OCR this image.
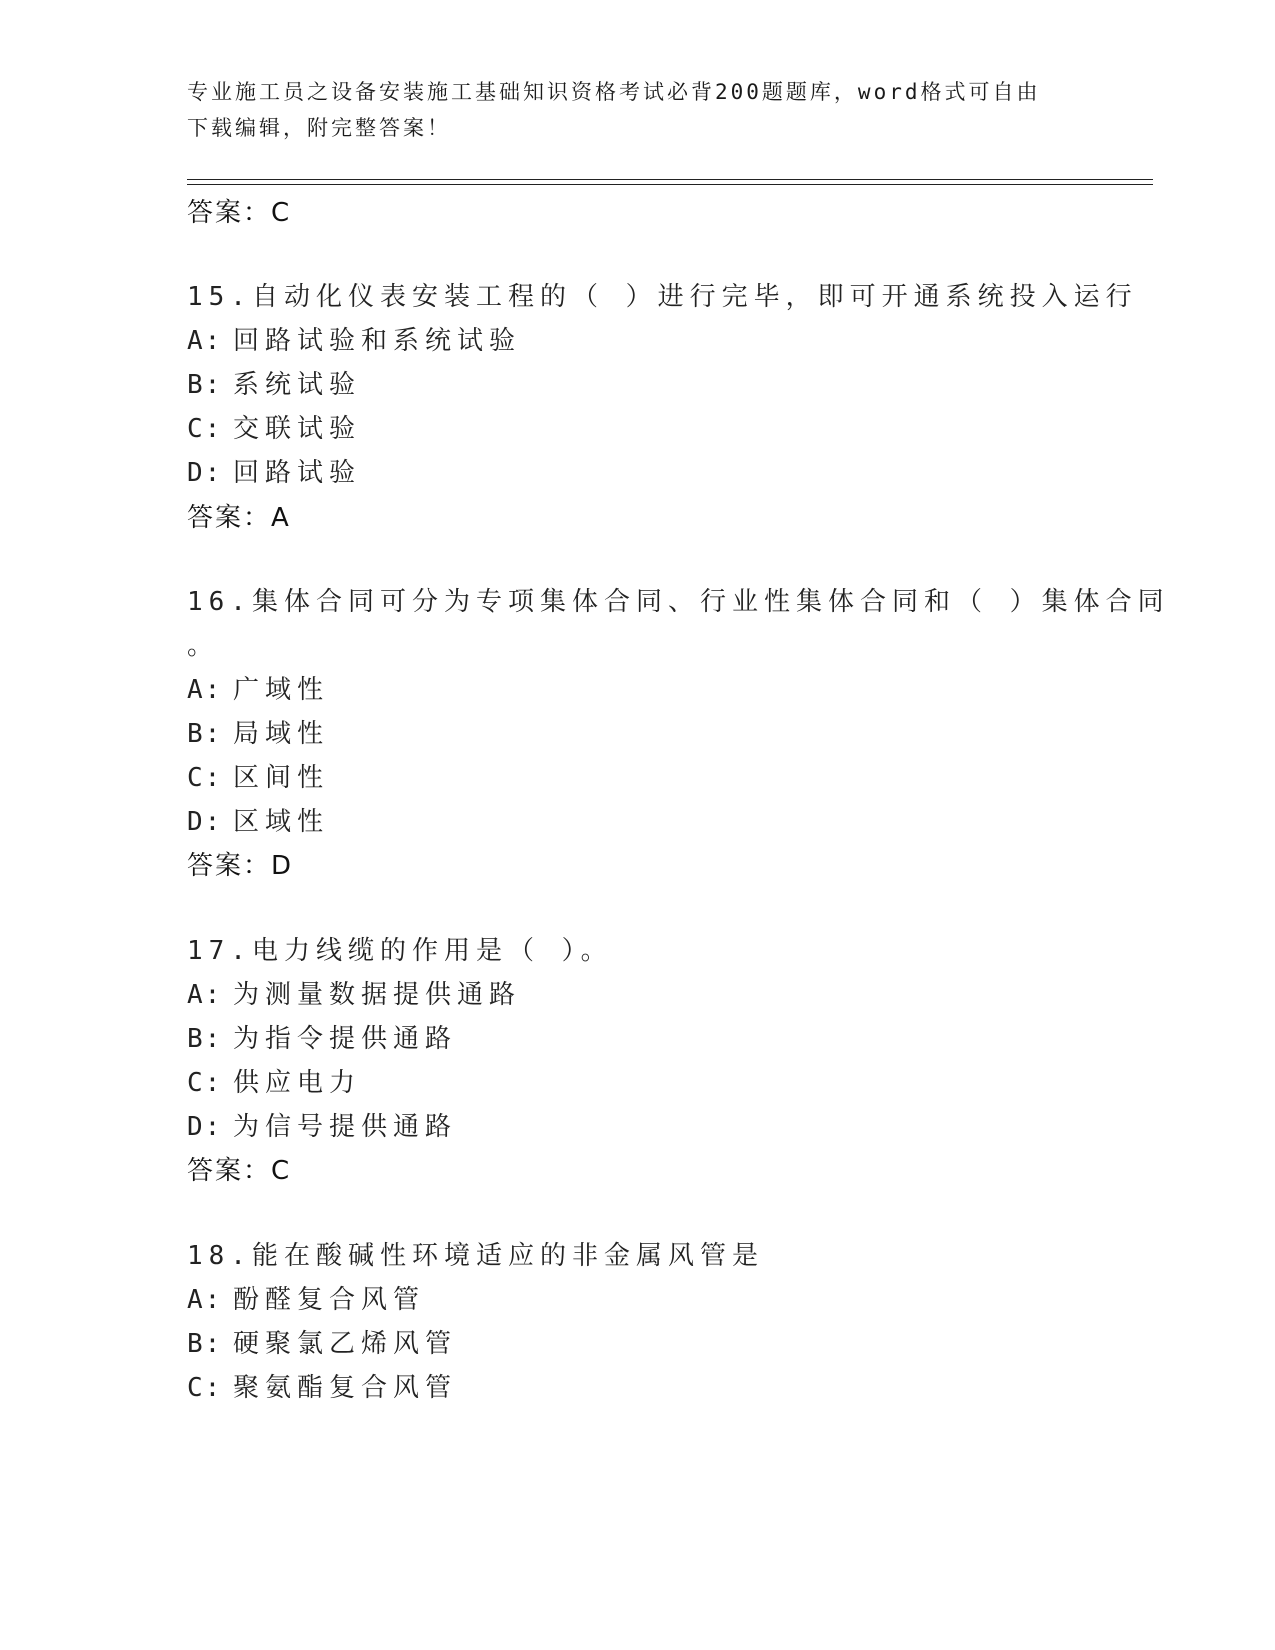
专业施工员之设备安装施工基础知识资格考试必背200题题库，word格式可自由
下载编辑，附完整答案！
答案：C
15.自动化仪表安装工程的（ ）进行完毕，即可开通系统投入运行
A: 回路试验和系统试验
B: 系统试验
C: 交联试验
D: 回路试验
答案：A
16.集体合同可分为专项集体合同、行业性集体合同和（ ）集体合同
。
A: 广域性
B: 局域性
C: 区间性
D: 区域性
答案：D
17.电力线缆的作用是（ ）。
A: 为测量数据提供通路
B: 为指令提供通路
C: 供应电力
D: 为信号提供通路
答案：C
18.能在酸碱性环境适应的非金属风管是
A: 酚醛复合风管
B: 硬聚氯乙烯风管
C: 聚氨酯复合风管
